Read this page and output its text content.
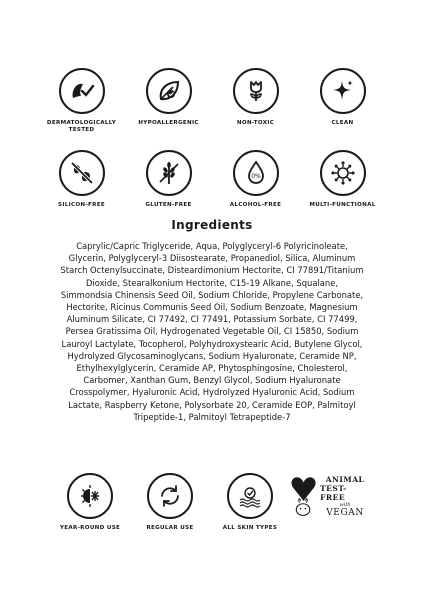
DERMATOLOGICALLY TESTED
HYPOALLERGENIC	NON-TOXIC	CLEAN
SILICON-FREE	GLUTEN-FREE
0%
ALCOHOL-FREE	MULTI-FUNCTIONAL
Ingredients
Caprylic/Capric Triglyceride, Aqua, Polyglyceryl-6 Polyricinoleate, Glycerin, Polyglyceryl-3 Diisostearate, Propanediol, Silica, Aluminum Starch Octenylsuccinate, Disteardimonium Hectorite, CI 77891/Titanium Dioxide, Stearalkonium Hectorite, C15-19 Alkane, Squalane, Simmondsia Chinensis Seed Oil, Sodium Chloride, Propylene Carbonate, Hectorite, Ricinus Communis Seed Oil, Sodium Benzoate, Magnesium Aluminum Silicate, CI 77492, CI 77491, Potassium Sorbate, CI 77499, Persea Gratissima Oil, Hydrogenated Vegetable Oil, CI 15850, Sodium Lauroyl Lactylate, Tocopherol, Polyhydroxystearic Acid, Butylene Glycol, Hydrolyzed Glycosaminoglycans, Sodium Hyaluronate, Ceramide NP, Ethylhexylglycerin, Ceramide AP, Phytosphingosine, Cholesterol, Carbomer, Xanthan Gum, Benzyl Glycol, Sodium Hyaluronate Crosspolymer, Hyaluronic Acid, Hydrolyzed Hyaluronic Acid, Sodium Lactate, Raspberry Ketone, Polysorbate 20, Ceramide EOP, Palmitoyl Tripeptide-1, Palmitoyl Tetrapeptide-7
YEAR-ROUND USE	REGULAR USE	ALL SKIN TYPES
ANIMAL
TEST-FREE
with
VEGAN
